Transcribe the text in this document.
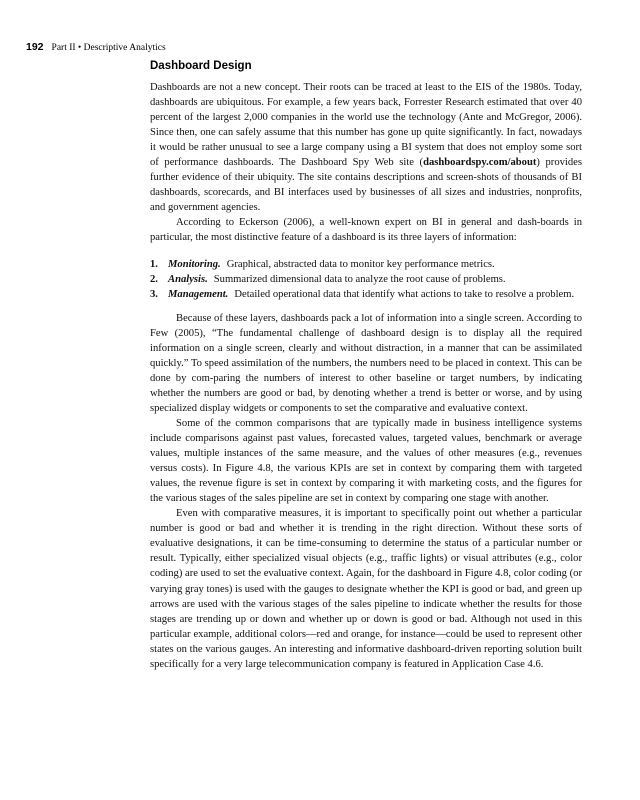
192 Part II • Descriptive Analytics
Dashboard Design

Dashboards are not a new concept. Their roots can be traced at least to the EIS of the 1980s. Today, dashboards are ubiquitous. For example, a few years back, Forrester Research estimated that over 40 percent of the largest 2,000 companies in the world use the technology (Ante and McGregor, 2006). Since then, one can safely assume that this number has gone up quite significantly. In fact, nowadays it would be rather unusual to see a large company using a BI system that does not employ some sort of performance dashboards. The Dashboard Spy Web site (dashboardspy.com/about) provides further evidence of their ubiquity. The site contains descriptions and screen-shots of thousands of BI dashboards, scorecards, and BI interfaces used by businesses of all sizes and industries, nonprofits, and government agencies.

According to Eckerson (2006), a well-known expert on BI in general and dash-boards in particular, the most distinctive feature of a dashboard is its three layers of information:

1. Monitoring. Graphical, abstracted data to monitor key performance metrics.
2. Analysis. Summarized dimensional data to analyze the root cause of problems.
3. Management. Detailed operational data that identify what actions to take to resolve a problem.

Because of these layers, dashboards pack a lot of information into a single screen. According to Few (2005), “The fundamental challenge of dashboard design is to display all the required information on a single screen, clearly and without distraction, in a manner that can be assimilated quickly.” To speed assimilation of the numbers, the numbers need to be placed in context. This can be done by com-paring the numbers of interest to other baseline or target numbers, by indicating whether the numbers are good or bad, by denoting whether a trend is better or worse, and by using specialized display widgets or components to set the comparative and evaluative context.

Some of the common comparisons that are typically made in business intelligence systems include comparisons against past values, forecasted values, targeted values, benchmark or average values, multiple instances of the same measure, and the values of other measures (e.g., revenues versus costs). In Figure 4.8, the various KPIs are set in context by comparing them with targeted values, the revenue figure is set in context by comparing it with marketing costs, and the figures for the various stages of the sales pipeline are set in context by comparing one stage with another.

Even with comparative measures, it is important to specifically point out whether a particular number is good or bad and whether it is trending in the right direction. Without these sorts of evaluative designations, it can be time-consuming to determine the status of a particular number or result. Typically, either specialized visual objects (e.g., traffic lights) or visual attributes (e.g., color coding) are used to set the evaluative context. Again, for the dashboard in Figure 4.8, color coding (or varying gray tones) is used with the gauges to designate whether the KPI is good or bad, and green up arrows are used with the various stages of the sales pipeline to indicate whether the results for those stages are trending up or down and whether up or down is good or bad. Although not used in this particular example, additional colors—red and orange, for instance—could be used to represent other states on the various gauges. An interesting and informative dashboard-driven reporting solution built specifically for a very large telecommunication company is featured in Application Case 4.6.
